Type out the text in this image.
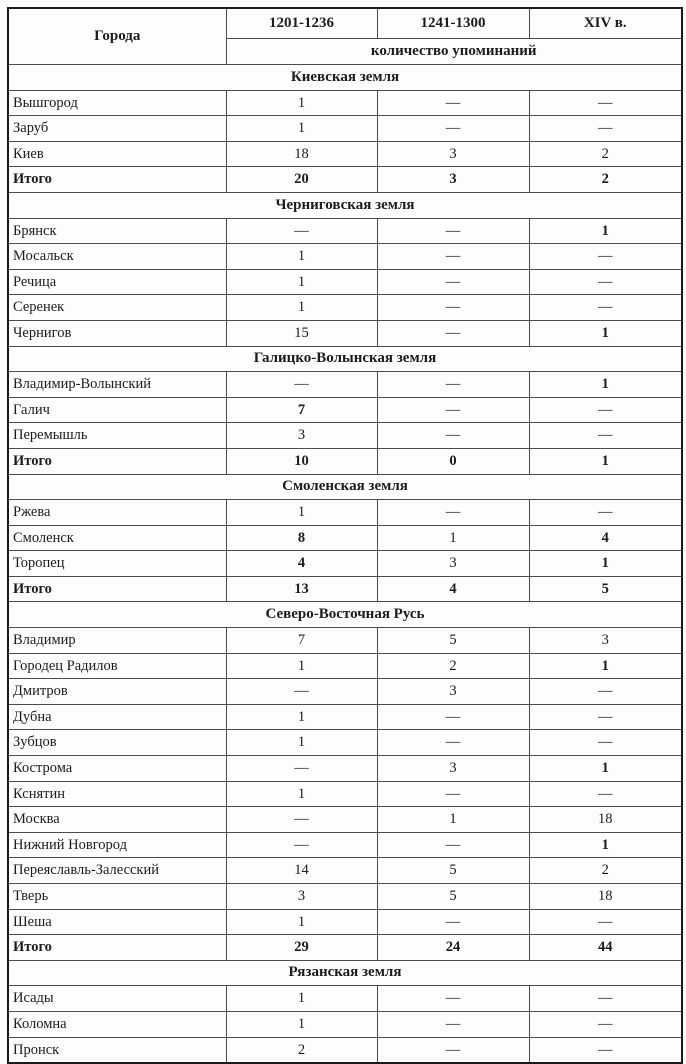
Города	1201-1236	1241-1300	XIV в.
	количество упоминаний		
Киевская земля			
Вышгород	1	—	—
Заруб	1	—	—
Киев	18	3	2
Итого	20	3	2
Черниговская земля			
Брянск	—	—	1
Мосальск	1	—	—
Речица	1	—	—
Серенек	1	—	—
Чернигов	15	—	1
Галицко-Волынская земля			
Владимир-Волынский	—	—	1
Галич	7	—	—
Перемышль	3	—	—
Итого	10	0	1
Смоленская земля			
Ржева	1	—	—
Смоленск	8	1	4
Торопец	4	3	1
Итого	13	4	5
Северо-Восточная Русь			
Владимир	7	5	3
Городец Радилов	1	2	1
Дмитров	—	3	—
Дубна	1	—	—
Зубцов	1	—	—
Кострома	—	3	1
Кснятин	1	—	—
Москва	—	1	18
Нижний Новгород	—	—	1
Переяславль-Залесский	14	5	2
Тверь	3	5	18
Шеша	1	—	—
Итого	29	24	44
Рязанская земля			
Исады	1	—	—
Коломна	1	—	—
Пронск	2	—	—
